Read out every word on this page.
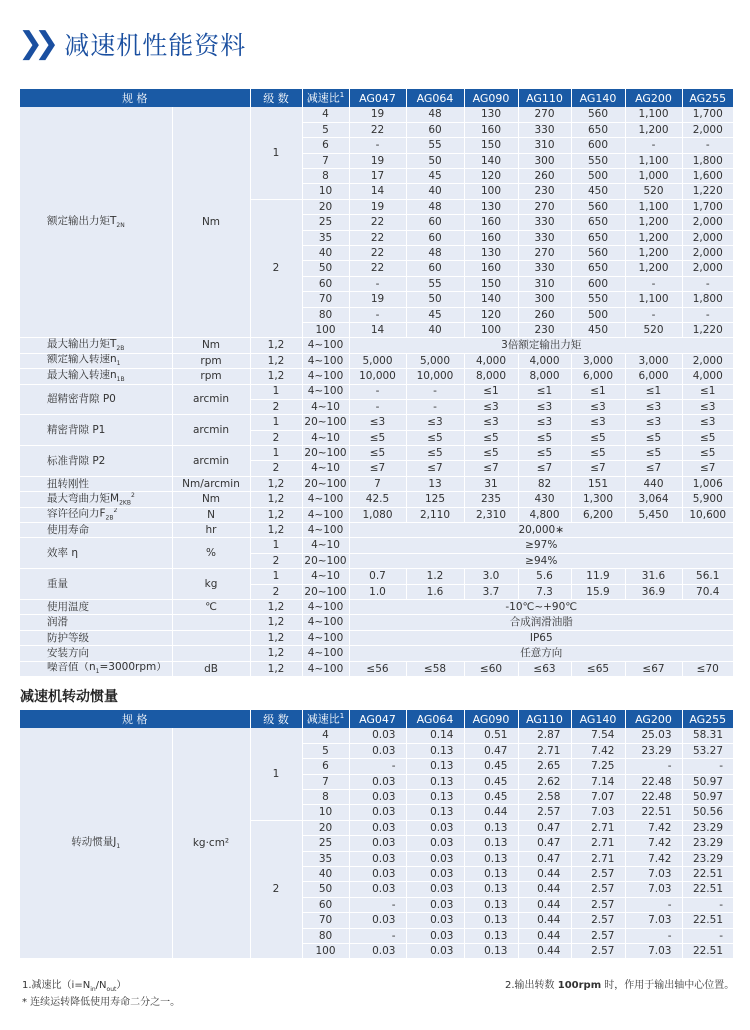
❯❯ 减速机性能资料
规 格		级 数	减速比$^1$	AG047	AG064	AG090	AG110	AG140	AG200	AG255
额定输出力矩$T_{2N}$	Nm	1	4	19	48	130	270	560	1,100	1,700
			5	22	60	160	330	650	1,200	2,000
			6	-	55	150	310	600	-	-
			7	19	50	140	300	550	1,100	1,800
			8	17	45	120	260	500	1,000	1,600
			10	14	40	100	230	450	520	1,220
		2	20	19	48	130	270	560	1,100	1,700
			25	22	60	160	330	650	1,200	2,000
			35	22	60	160	330	650	1,200	2,000
			40	22	48	130	270	560	1,200	2,000
			50	22	60	160	330	650	1,200	2,000
			60	-	55	150	310	600	-	-
			70	19	50	140	300	550	1,100	1,800
			80	-	45	120	260	500	-	-
			100	14	40	100	230	450	520	1,220
最大输出力矩$T_{2B}$	Nm	1,2	4~100	3倍额定输出力矩						
额定输入转速$n_1$	rpm	1,2	4~100	5,000	5,000	4,000	4,000	3,000	3,000	2,000
最大输入转速$n_{1B}$	rpm	1,2	4~100	10,000	10,000	8,000	8,000	6,000	6,000	4,000
超精密背隙 P0	arcmin	1	4~100	-	-	≤1	≤1	≤1	≤1	≤1
		2	4~10	-	-	≤3	≤3	≤3	≤3	≤3
精密背隙 P1	arcmin	1	20~100	≤3	≤3	≤3	≤3	≤3	≤3	≤3
		2	4~10	≤5	≤5	≤5	≤5	≤5	≤5	≤5
标准背隙 P2	arcmin	1	20~100	≤5	≤5	≤5	≤5	≤5	≤5	≤5
		2	4~10	≤7	≤7	≤7	≤7	≤7	≤7	≤7
扭转刚性	Nm/arcmin	1,2	20~100	7	13	31	82	151	440	1,006
最大弯曲力矩$M_{2KB}^2$	Nm	1,2	4~100	42.5	125	235	430	1,300	3,064	5,900
容许径向力$F_{2B}^2$	N	1,2	4~100	1,080	2,110	2,310	4,800	6,200	5,450	10,600
使用寿命	hr	1,2	4~100	20,000∗						
效率 η	%	1	4~10	≥97%						
		2	20~100	≥94%						
重量	kg	1	4~10	0.7	1.2	3.0	5.6	11.9	31.6	56.1
		2	20~100	1.0	1.6	3.7	7.3	15.9	36.9	70.4
使用温度	℃	1,2	4~100	-10℃~+90℃						
润滑		1,2	4~100	合成润滑油脂						
防护等级		1,2	4~100	IP65						
安装方向		1,2	4~100	任意方向						
噪音值$(n_1=3000rpm)$	dB	1,2	4~100	≤56	≤58	≤60	≤63	≤65	≤67	≤70
减速机转动惯量
规 格		级 数	减速比$^1$	AG047	AG064	AG090	AG110	AG140	AG200	AG255
转动惯量$J_1$	kg·cm²	1	4	0.03	0.14	0.51	2.87	7.54	25.03	58.31
			5	0.03	0.13	0.47	2.71	7.42	23.29	53.27
			6	-	0.13	0.45	2.65	7.25	-	-
			7	0.03	0.13	0.45	2.62	7.14	22.48	50.97
			8	0.03	0.13	0.45	2.58	7.07	22.48	50.97
			10	0.03	0.13	0.44	2.57	7.03	22.51	50.56
		2	20	0.03	0.03	0.13	0.47	2.71	7.42	23.29
			25	0.03	0.03	0.13	0.47	2.71	7.42	23.29
			35	0.03	0.03	0.13	0.47	2.71	7.42	23.29
			40	0.03	0.03	0.13	0.44	2.57	7.03	22.51
			50	0.03	0.03	0.13	0.44	2.57	7.03	22.51
			60	-	0.03	0.13	0.44	2.57	-	-
			70	0.03	0.03	0.13	0.44	2.57	7.03	22.51
			80	-	0.03	0.13	0.44	2.57	-	-
			100	0.03	0.03	0.13	0.44	2.57	7.03	22.51
1.减速比$(i=N_{in}/N_{out})$
* 连续运转降低使用寿命二分之一。
2.输出转数 100rpm 时，作用于输出轴中心位置。
